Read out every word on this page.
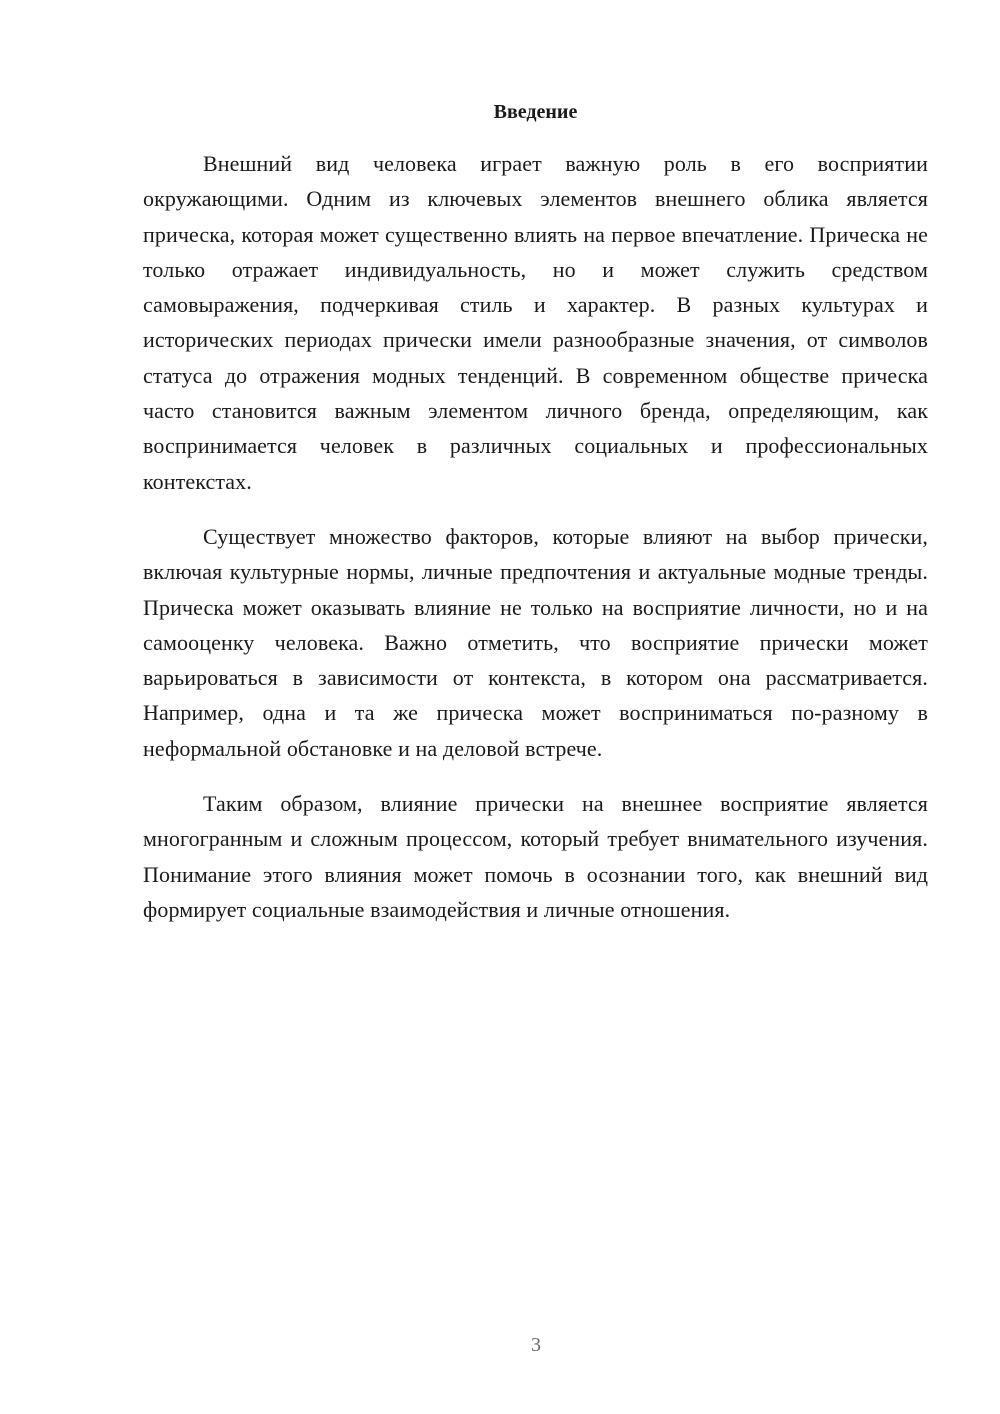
Введение

Внешний вид человека играет важную роль в его восприятии окружающими. Одним из ключевых элементов внешнего облика является прическа, которая может существенно влиять на первое впечатление. Прическа не только отражает индивидуальность, но и может служить средством самовыражения, подчеркивая стиль и характер. В разных культурах и исторических периодах прически имели разнообразные значения, от символов статуса до отражения модных тенденций. В современном обществе прическа часто становится важным элементом личного бренда, определяющим, как воспринимается человек в различных социальных и профессиональных контекстах.

Существует множество факторов, которые влияют на выбор прически, включая культурные нормы, личные предпочтения и актуальные модные тренды. Прическа может оказывать влияние не только на восприятие личности, но и на самооценку человека. Важно отметить, что восприятие прически может варьироваться в зависимости от контекста, в котором она рассматривается. Например, одна и та же прическа может восприниматься по-разному в неформальной обстановке и на деловой встрече.

Таким образом, влияние прически на внешнее восприятие является многогранным и сложным процессом, который требует внимательного изучения. Понимание этого влияния может помочь в осознании того, как внешний вид формирует социальные взаимодействия и личные отношения.

3
